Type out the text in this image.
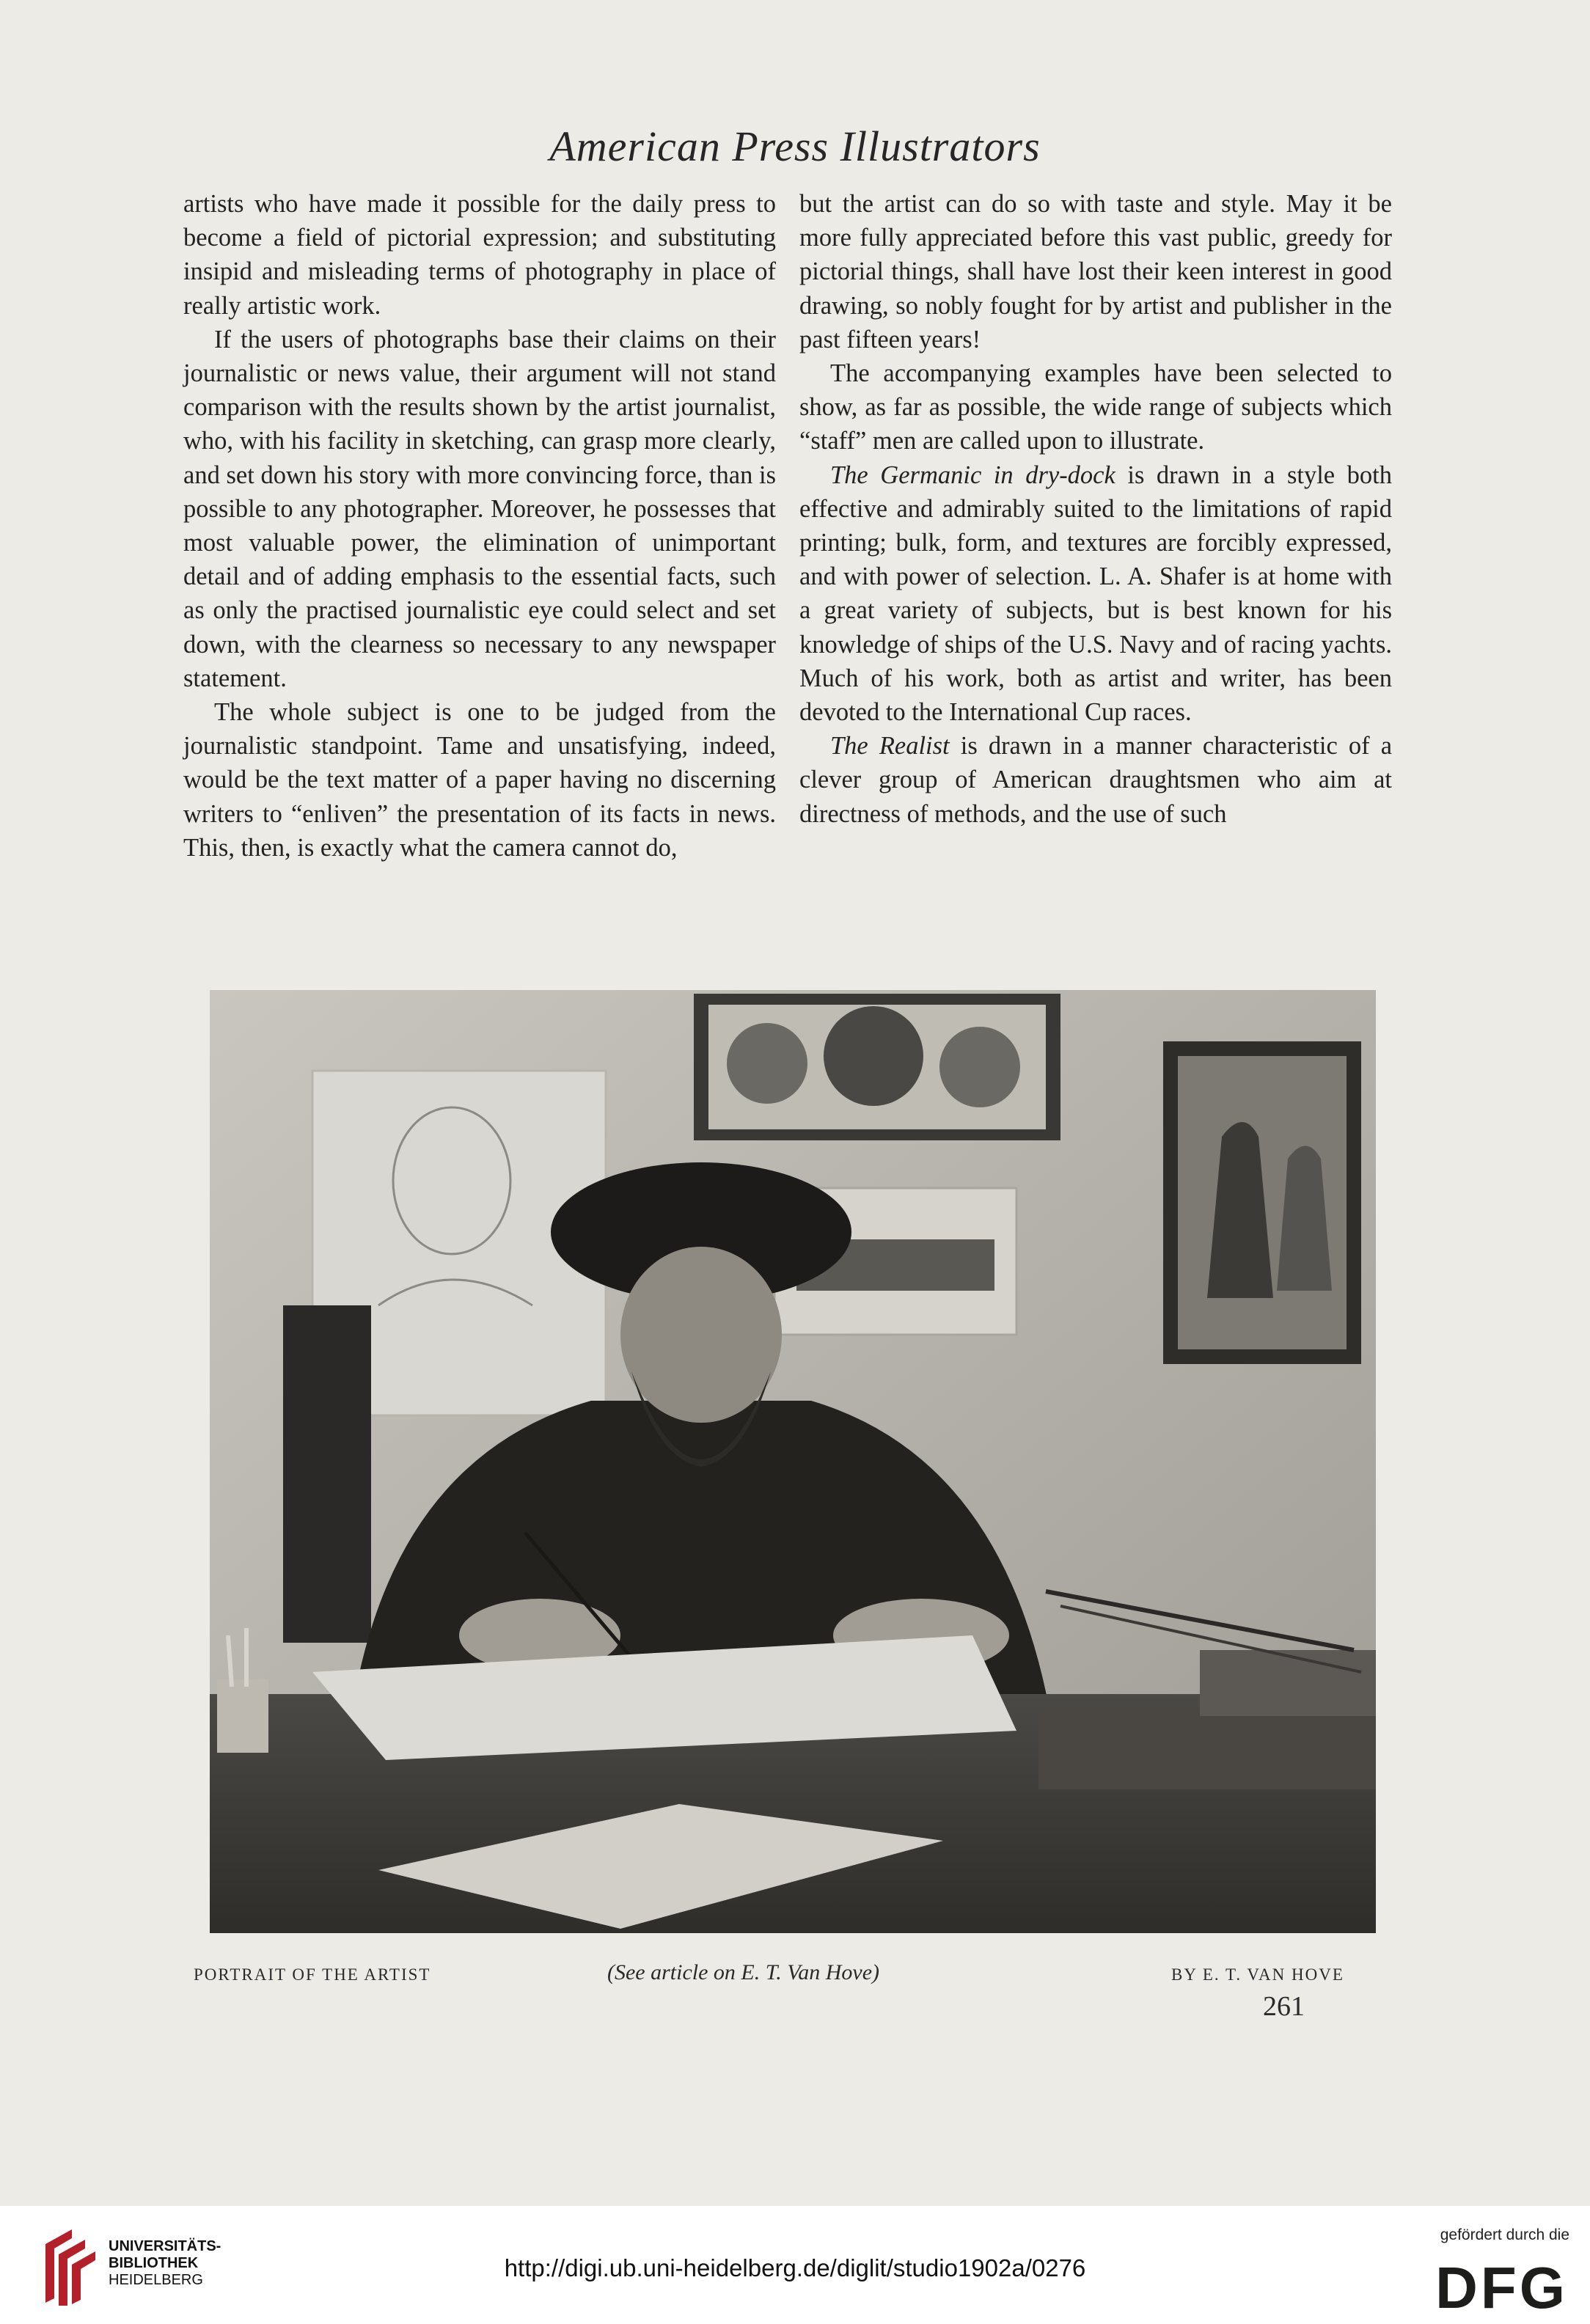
American Press Illustrators

artists who have made it possible for the daily press to become a field of pictorial expression; and substituting insipid and misleading terms of photography in place of really artistic work.

If the users of photographs base their claims on their journalistic or news value, their argument will not stand comparison with the results shown by the artist journalist, who, with his facility in sketching, can grasp more clearly, and set down his story with more convincing force, than is possible to any photographer. Moreover, he possesses that most valuable power, the elimination of unimportant detail and of adding emphasis to the essential facts, such as only the practised journalistic eye could select and set down, with the clearness so necessary to any newspaper statement.

The whole subject is one to be judged from the journalistic standpoint. Tame and unsatisfying, indeed, would be the text matter of a paper having no discerning writers to “enliven” the presentation of its facts in news. This, then, is exactly what the camera cannot do,

but the artist can do so with taste and style. May it be more fully appreciated before this vast public, greedy for pictorial things, shall have lost their keen interest in good drawing, so nobly fought for by artist and publisher in the past fifteen years!

The accompanying examples have been selected to show, as far as possible, the wide range of subjects which “staff” men are called upon to illustrate.

The Germanic in dry-dock is drawn in a style both effective and admirably suited to the limitations of rapid printing; bulk, form, and textures are forcibly expressed, and with power of selection. L. A. Shafer is at home with a great variety of subjects, but is best known for his knowledge of ships of the U.S. Navy and of racing yachts. Much of his work, both as artist and writer, has been devoted to the International Cup races.

The Realist is drawn in a manner characteristic of a clever group of American draughtsmen who aim at directness of methods, and the use of such

PORTRAIT OF THE ARTIST	(See article on E. T. Van Hove)	BY E. T. VAN HOVE
261
UNIVERSITÄTS-
BIBLIOTHEK
HEIDELBERG	http://digi.ub.uni-heidelberg.de/diglit/studio1902a/0276
gefördert durch die
DFG
